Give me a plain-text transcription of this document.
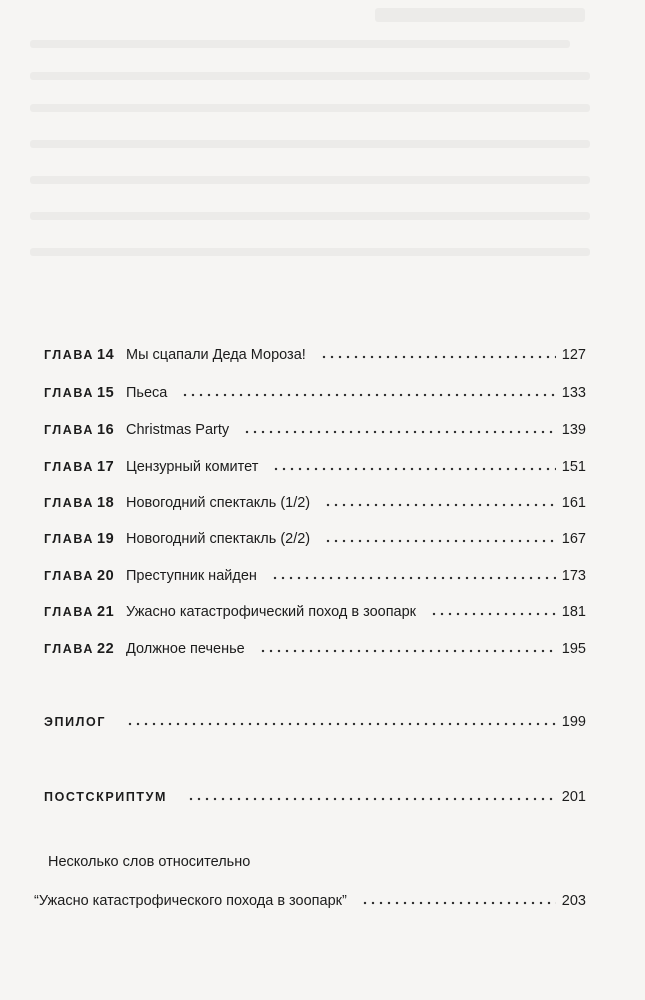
ГЛАВА 14 Мы сцапали Деда Мороза!	127
ГЛАВА 15 Пьеса	133
ГЛАВА 16 Christmas Party	139
ГЛАВА 17 Цензурный комитет	151
ГЛАВА 18 Новогодний спектакль (1/2)	161
ГЛАВА 19 Новогодний спектакль (2/2)	167
ГЛАВА 20 Преступник найден	173
ГЛАВА 21 Ужасно катастрофический поход в зоопарк	181
ГЛАВА 22 Должное печенье	195
ЭПИЛОГ	199
ПОСТСКРИПТУМ	201
Несколько слов относительно
“Ужасно катастрофического похода в зоопарк”	203
